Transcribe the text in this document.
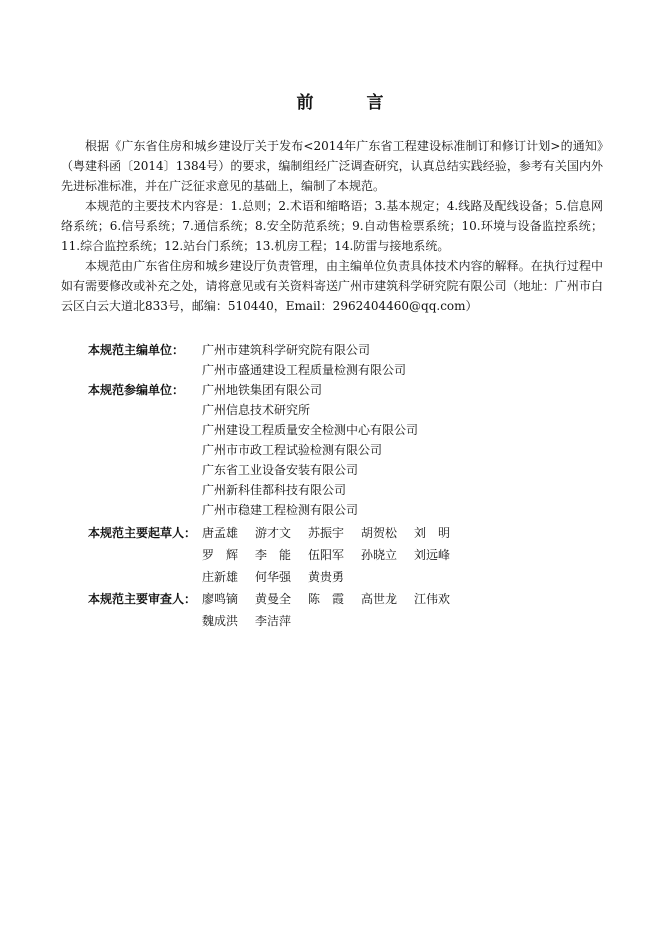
前　言

根据《广东省住房和城乡建设厅关于发布<2014年广东省工程建设标准制订和修订计划>的通知》（粤建科函〔2014〕1384号）的要求，编制组经广泛调查研究，认真总结实践经验，参考有关国内外先进标准标准，并在广泛征求意见的基础上，编制了本规范。

本规范的主要技术内容是：1.总则；2.术语和缩略语；3.基本规定；4.线路及配线设备；5.信息网络系统；6.信号系统；7.通信系统；8.安全防范系统；9.自动售检票系统；10.环境与设备监控系统；11.综合监控系统；12.站台门系统；13.机房工程；14.防雷与接地系统。

本规范由广东省住房和城乡建设厅负责管理，由主编单位负责具体技术内容的解释。在执行过程中如有需要修改或补充之处，请将意见或有关资料寄送广州市建筑科学研究院有限公司（地址：广州市白云区白云大道北833号，邮编：510440，Email：2962404460@qq.com）

本规范主编单位：	广州市建筑科学研究院有限公司
广州市盛通建设工程质量检测有限公司
本规范参编单位：	广州地铁集团有限公司
广州信息技术研究所
广州建设工程质量安全检测中心有限公司
广州市市政工程试验检测有限公司
广东省工业设备安装有限公司
广州新科佳都科技有限公司
广州市稳建工程检测有限公司
本规范主要起草人： 唐孟雄	游才文	苏振宇	胡贺松	刘　明
罗　辉	李　能	伍阳军	孙晓立	刘远峰
庄新雄	何华强	黄贵勇
本规范主要审查人： 廖鸣镝	黄曼全	陈　霞	高世龙	江伟欢
魏成洪	李洁萍
